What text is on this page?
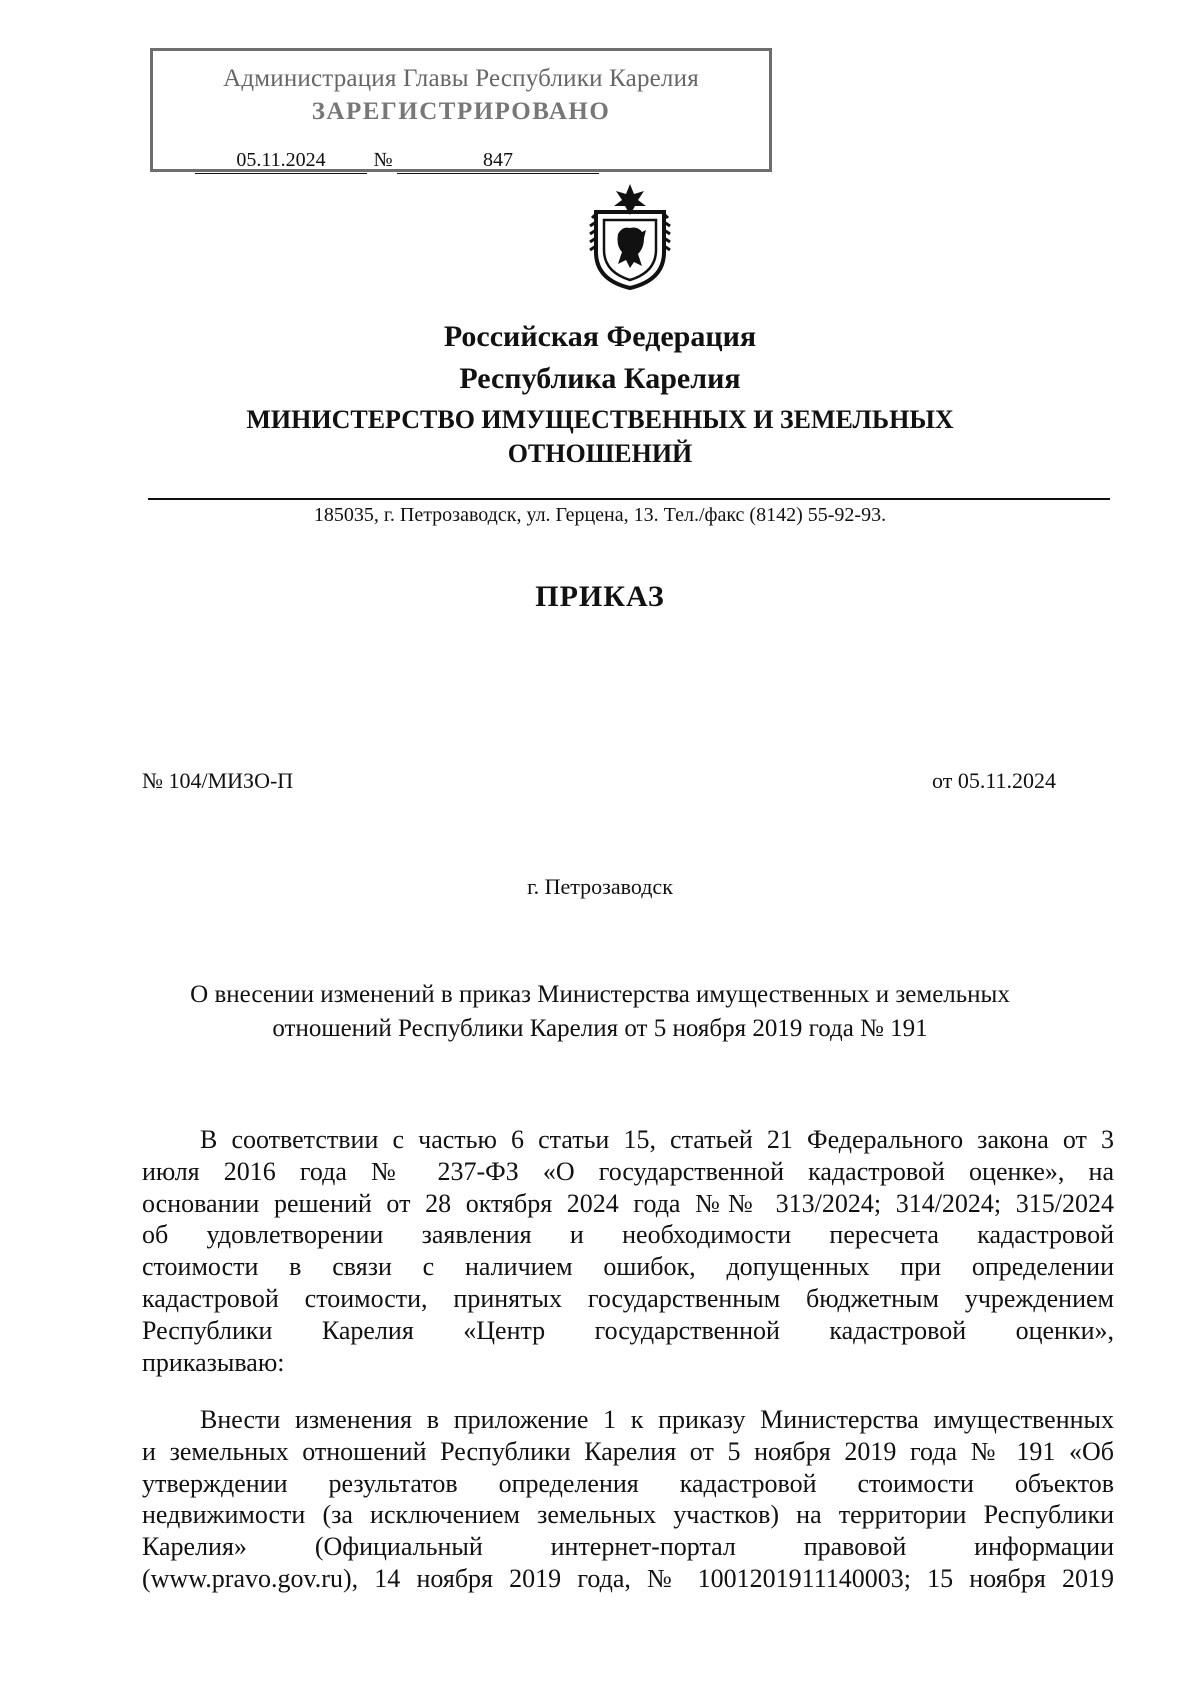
Администрация Главы Республики Карелия
ЗАРЕГИСТРИРОВАНО
05.11.2024	№	847
Российская Федерация
Республика Карелия
МИНИСТЕРСТВО ИМУЩЕСТВЕННЫХ И ЗЕМЕЛЬНЫХ
ОТНОШЕНИЙ
185035, г. Петрозаводск, ул. Герцена, 13. Тел./факс (8142) 55-92-93.
ПРИКАЗ
№ 104/МИЗО-П	от 05.11.2024
г. Петрозаводск
О внесении изменений в приказ Министерства имущественных и земельных
отношений Республики Карелия от 5 ноября 2019 года № 191
В соответствии с частью 6 статьи 15, статьей 21 Федерального закона от 3
июля 2016 года № 237-ФЗ «О государственной кадастровой оценке», на
основании решений от 28 октября 2024 года №№ 313/2024; 314/2024; 315/2024
об удовлетворении заявления и необходимости пересчета кадастровой
стоимости в связи с наличием ошибок, допущенных при определении
кадастровой стоимости, принятых государственным бюджетным учреждением
Республики Карелия «Центр государственной кадастровой оценки»,
приказываю:
Внести изменения в приложение 1 к приказу Министерства имущественных
и земельных отношений Республики Карелия от 5 ноября 2019 года № 191 «Об
утверждении результатов определения кадастровой стоимости объектов
недвижимости (за исключением земельных участков) на территории Республики
Карелия» (Официальный интернет-портал правовой информации
(www.pravo.gov.ru), 14 ноября 2019 года, № 1001201911140003; 15 ноября 2019
